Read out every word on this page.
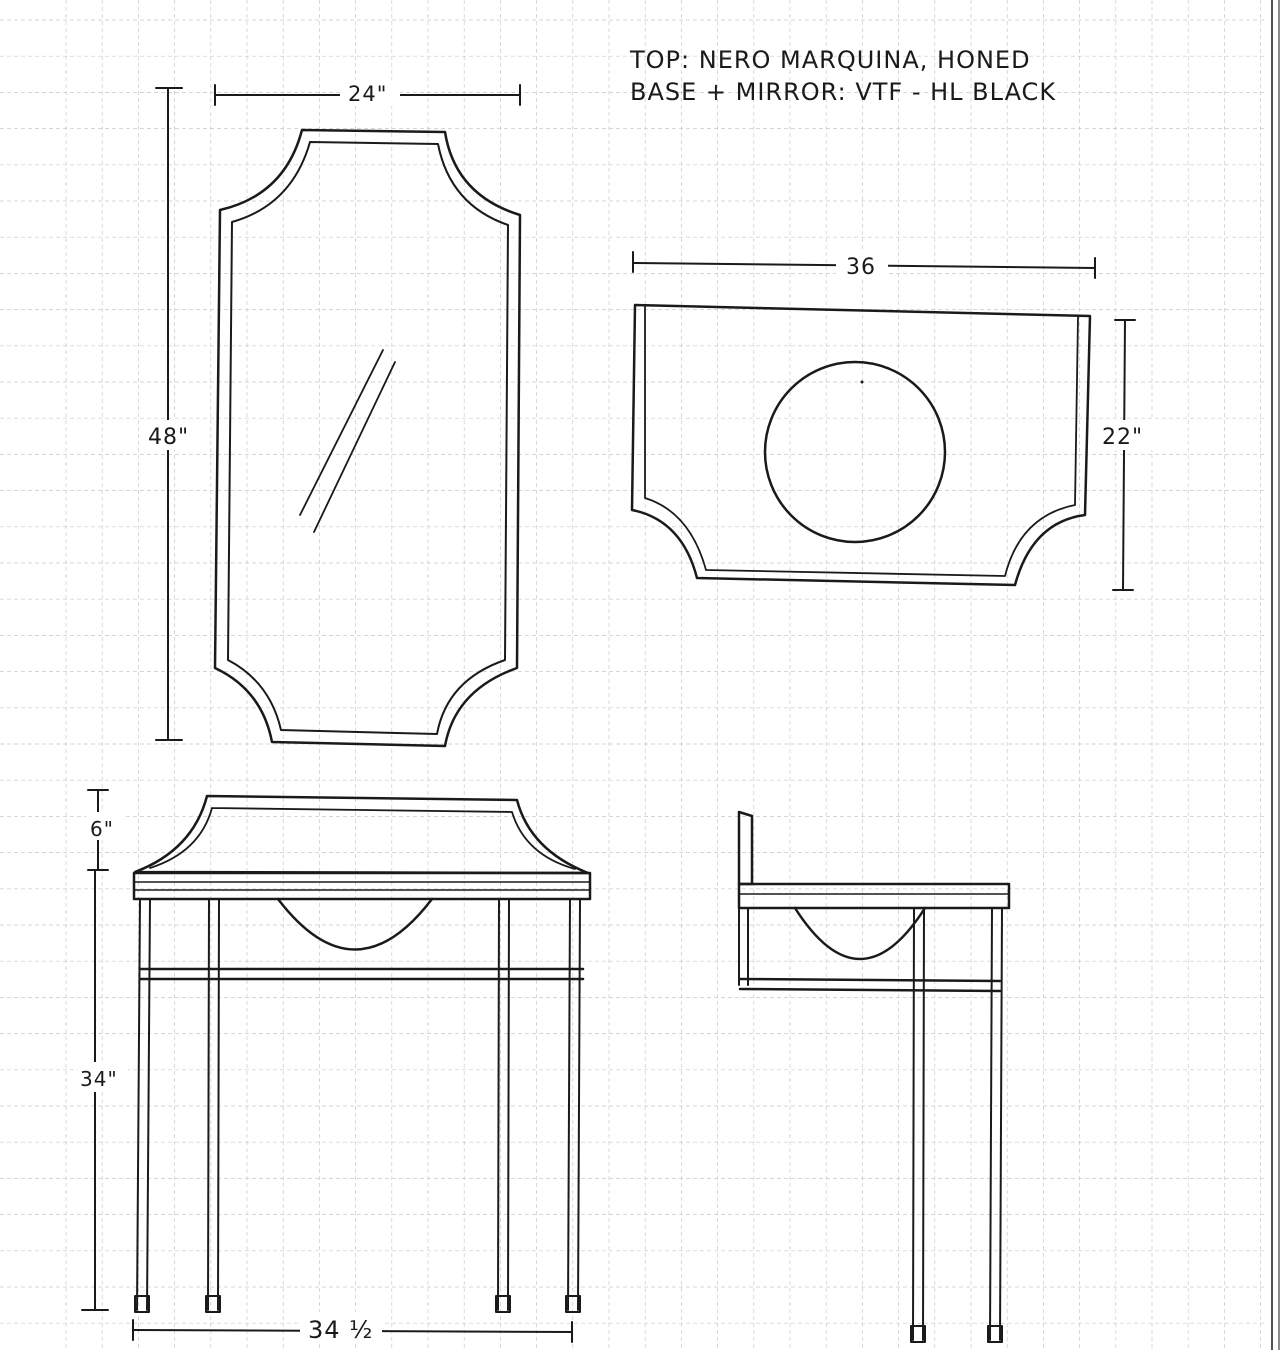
TOP: NERO MARQUINA, HONED
BASE + MIRROR: VTF - HL BLACK
24"
48"
36
22"
6"
34"
34 ½
